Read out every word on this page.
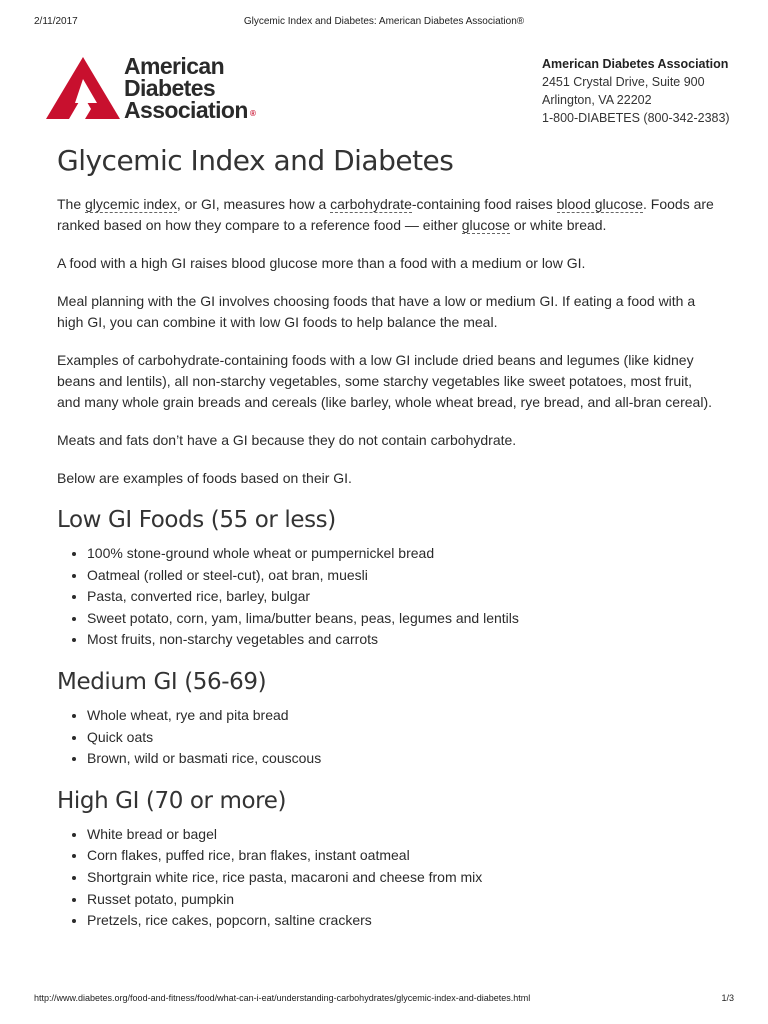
2/11/2017	Glycemic Index and Diabetes: American Diabetes Association®
American
Diabetes
Association ®
American Diabetes Association
2451 Crystal Drive, Suite 900
Arlington, VA 22202
1-800-DIABETES (800-342-2383)
Glycemic Index and Diabetes

The glycemic index, or GI, measures how a carbohydrate-containing food raises blood glucose. Foods are ranked based on how they compare to a reference food — either glucose or white bread.

A food with a high GI raises blood glucose more than a food with a medium or low GI.

Meal planning with the GI involves choosing foods that have a low or medium GI. If eating a food with a high GI, you can combine it with low GI foods to help balance the meal.

Examples of carbohydrate-containing foods with a low GI include dried beans and legumes (like kidney beans and lentils), all non-starchy vegetables, some starchy vegetables like sweet potatoes, most fruit, and many whole grain breads and cereals (like barley, whole wheat bread, rye bread, and all-bran cereal).

Meats and fats don’t have a GI because they do not contain carbohydrate.

Below are examples of foods based on their GI.

Low GI Foods (55 or less)
• 100% stone-ground whole wheat or pumpernickel bread
• Oatmeal (rolled or steel-cut), oat bran, muesli
• Pasta, converted rice, barley, bulgar
• Sweet potato, corn, yam, lima/butter beans, peas, legumes and lentils
• Most fruits, non-starchy vegetables and carrots
Medium GI (56-69)
• Whole wheat, rye and pita bread
• Quick oats
• Brown, wild or basmati rice, couscous
High GI (70 or more)
• White bread or bagel
• Corn flakes, puffed rice, bran flakes, instant oatmeal
• Shortgrain white rice, rice pasta, macaroni and cheese from mix
• Russet potato, pumpkin
• Pretzels, rice cakes, popcorn, saltine crackers
http://www.diabetes.org/food-and-fitness/food/what-can-i-eat/understanding-carbohydrates/glycemic-index-and-diabetes.html	1/3
